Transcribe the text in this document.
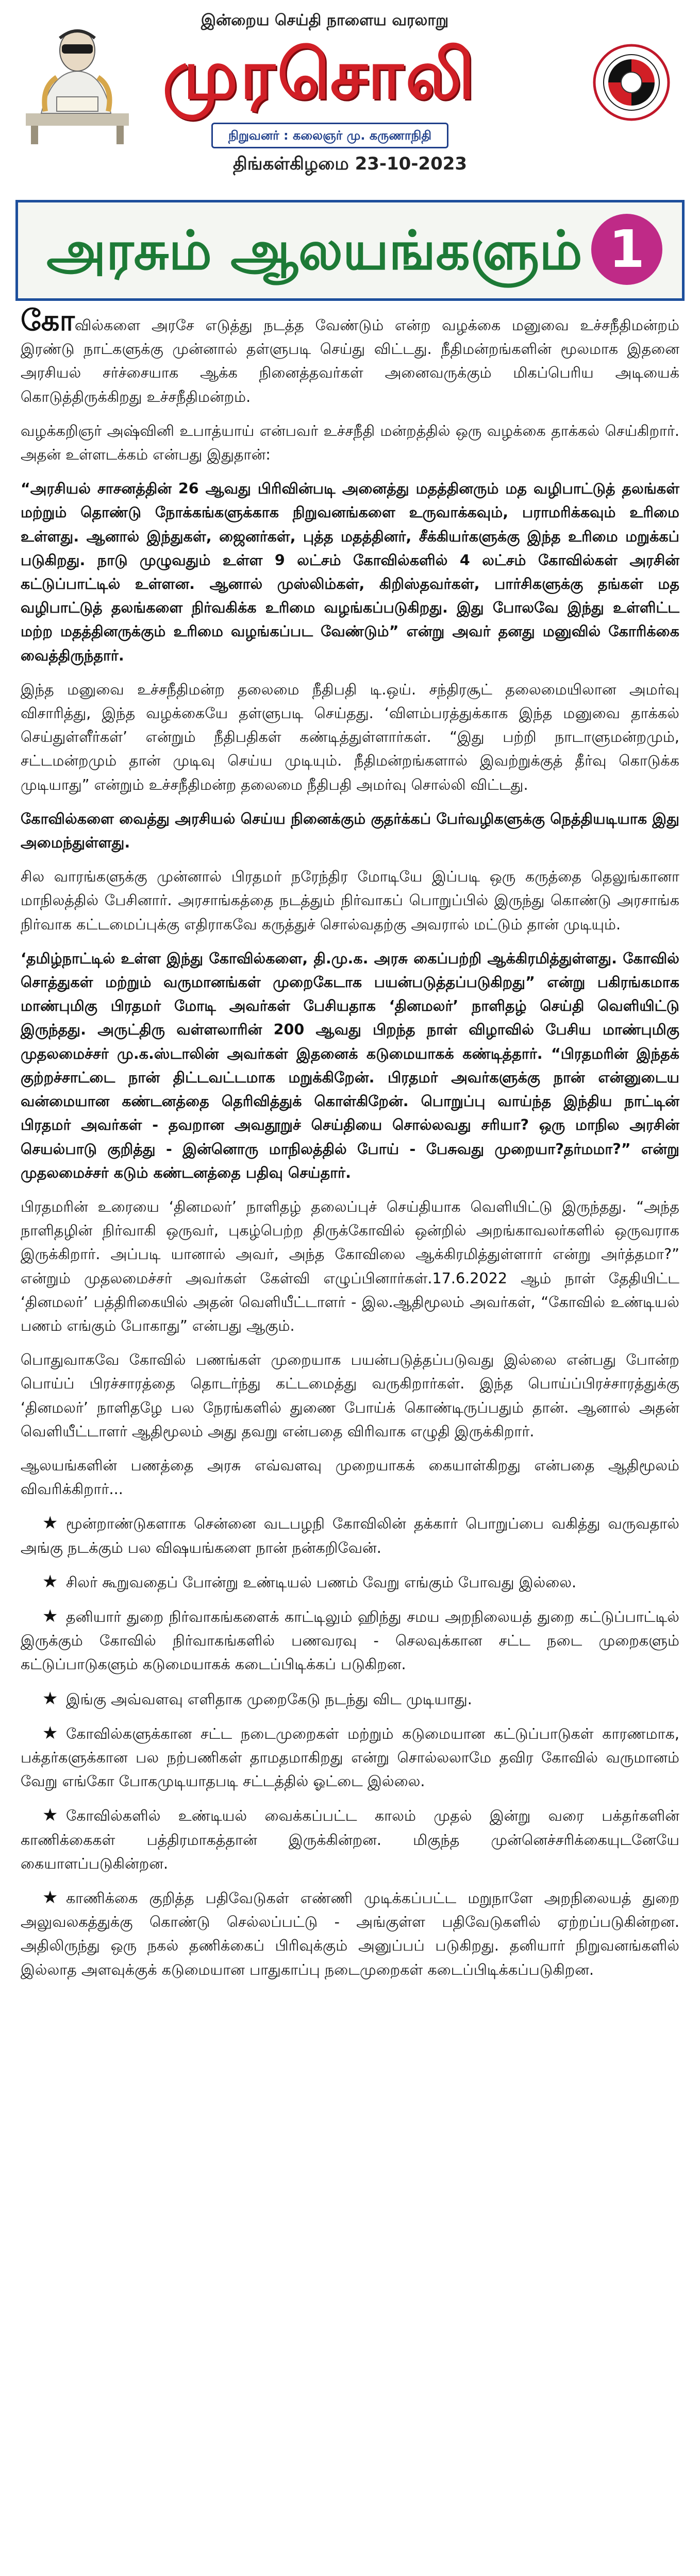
இன்றைய செய்தி நாளைய வரலாறு
முரசொலி
நிறுவனர் : கலைஞர் மு. கருணாநிதி
திங்கள்கிழமை 23-10-2023
அரசும் ஆலயங்களும் 1

கோவில்களை அரசே எடுத்து நடத்த வேண்டும் என்ற வழக்கை மனுவை உச்சநீதிமன்றம் இரண்டு நாட்களுக்கு முன்னால் தள்ளுபடி செய்து விட்டது. நீதிமன்றங்களின் மூலமாக இதனை அரசியல் சர்ச்சையாக ஆக்க நினைத்தவர்கள் அனைவருக்கும் மிகப்பெரிய அடியைக் கொடுத்திருக்கிறது உச்சநீதிமன்றம்.

வழக்கறிஞர் அஷ்வினி உபாத்யாய் என்பவர் உச்சநீதி மன்றத்தில் ஒரு வழக்கை தாக்கல் செய்கிறார். அதன் உள்ளடக்கம் என்பது இதுதான்:

“அரசியல் சாசனத்தின் 26 ஆவது பிரிவின்படி அனைத்து மதத்தினரும் மத வழிபாட்டுத் தலங்கள் மற்றும் தொண்டு நோக்கங்களுக்காக நிறுவனங்களை உருவாக்கவும், பராமரிக்கவும் உரிமை உள்ளது. ஆனால் இந்துகள், ஜைனர்கள், புத்த மதத்தினர், சீக்கியர்களுக்கு இந்த உரிமை மறுக்கப் படுகிறது. நாடு முழுவதும் உள்ள 9 லட்சம் கோவில்களில் 4 லட்சம் கோவில்கள் அரசின் கட்டுப்பாட்டில் உள்ளன. ஆனால் முஸ்லிம்கள், கிறிஸ்தவர்கள், பார்சிகளுக்கு தங்கள் மத வழிபாட்டுத் தலங்களை நிர்வகிக்க உரிமை வழங்கப்படுகிறது. இது போலவே இந்து உள்ளிட்ட மற்ற மதத்தினருக்கும் உரிமை வழங்கப்பட வேண்டும்” என்று அவர் தனது மனுவில் கோரிக்கை வைத்திருந்தார்.

இந்த மனுவை உச்சநீதிமன்ற தலைமை நீதிபதி டி.ஒய். சந்திரசூட் தலைமையிலான அமர்வு விசாரித்து, இந்த வழக்கையே தள்ளுபடி செய்தது. ‘விளம்பரத்துக்காக இந்த மனுவை தாக்கல் செய்துள்ளீர்கள்’ என்றும் நீதிபதிகள் கண்டித்துள்ளார்கள். “இது பற்றி நாடாளுமன்றமும், சட்டமன்றமும் தான் முடிவு செய்ய முடியும். நீதிமன்றங்களால் இவற்றுக்குத் தீர்வு கொடுக்க முடியாது” என்றும் உச்சநீதிமன்ற தலைமை நீதிபதி அமர்வு சொல்லி விட்டது.

கோவில்களை வைத்து அரசியல் செய்ய நினைக்கும் குதர்க்கப் பேர்வழிகளுக்கு நெத்தியடியாக இது அமைந்துள்ளது.

சில வாரங்களுக்கு முன்னால் பிரதமர் நரேந்திர மோடியே இப்படி ஒரு கருத்தை தெலுங்கானா மாநிலத்தில் பேசினார். அரசாங்கத்தை நடத்தும் நிர்வாகப் பொறுப்பில் இருந்து கொண்டு அரசாங்க நிர்வாக கட்டமைப்புக்கு எதிராகவே கருத்துச் சொல்வதற்கு அவரால் மட்டும் தான் முடியும்.

‘தமிழ்நாட்டில் உள்ள இந்து கோவில்களை, தி.மு.க. அரசு கைப்பற்றி ஆக்கிரமித்துள்ளது. கோவில் சொத்துகள் மற்றும் வருமானங்கள் முறைகேடாக பயன்படுத்தப்படுகிறது” என்று பகிரங்கமாக மாண்புமிகு பிரதமர் மோடி அவர்கள் பேசியதாக ‘தினமலர்’ நாளிதழ் செய்தி வெளியிட்டு இருந்தது. அருட்திரு வள்ளலாரின் 200 ஆவது பிறந்த நாள் விழாவில் பேசிய மாண்புமிகு முதலமைச்சர் மு.க.ஸ்டாலின் அவர்கள் இதனைக் கடுமையாகக் கண்டித்தார். “பிரதமரின் இந்தக் குற்றச்சாட்டை நான் திட்டவட்டமாக மறுக்கிறேன். பிரதமர் அவர்களுக்கு நான் என்னுடைய வன்மையான கண்டனத்தை தெரிவித்துக் கொள்கிறேன். பொறுப்பு வாய்ந்த இந்திய நாட்டின் பிரதமர் அவர்கள் - தவறான அவதூறுச் செய்தியை சொல்லவது சரியா? ஒரு மாநில அரசின் செயல்பாடு குறித்து - இன்னொரு மாநிலத்தில் போய் - பேசுவது முறையா?தர்மமா?” என்று முதலமைச்சர் கடும் கண்டனத்தை பதிவு செய்தார்.

பிரதமரின் உரையை ‘தினமலர்’ நாளிதழ் தலைப்புச் செய்தியாக வெளியிட்டு இருந்தது. “அந்த நாளிதழின் நிர்வாகி ஒருவர், புகழ்பெற்ற திருக்கோவில் ஒன்றில் அறங்காவலர்களில் ஒருவராக இருக்கிறார். அப்படி யானால் அவர், அந்த கோவிலை ஆக்கிரமித்துள்ளார் என்று அர்த்தமா?” என்றும் முதலமைச்சர் அவர்கள் கேள்வி எழுப்பினார்கள்.17.6.2022 ஆம் நாள் தேதியிட்ட ‘தினமலர்’ பத்திரிகையில் அதன் வெளியீட்டாளர் - இல.ஆதிமூலம் அவர்கள், “கோவில் உண்டியல் பணம் எங்கும் போகாது” என்பது ஆகும்.

பொதுவாகவே கோவில் பணங்கள் முறையாக பயன்படுத்தப்படுவது இல்லை என்பது போன்ற பொய்ப் பிரச்சாரத்தை தொடர்ந்து கட்டமைத்து வருகிறார்கள். இந்த பொய்ப்பிரச்சாரத்துக்கு ‘தினமலர்’ நாளிதழே பல நேரங்களில் துணை போய்க் கொண்டிருப்பதும் தான். ஆனால் அதன் வெளியீட்டாளர் ஆதிமூலம் அது தவறு என்பதை விரிவாக எழுதி இருக்கிறார்.

ஆலயங்களின் பணத்தை அரசு எவ்வளவு முறையாகக் கையாள்கிறது என்பதை ஆதிமூலம் விவரிக்கிறார்...

★ மூன்றாண்டுகளாக சென்னை வடபழநி கோவிலின் தக்கார் பொறுப்பை வகித்து வருவதால் அங்கு நடக்கும் பல விஷயங்களை நான் நன்கறிவேன்.

★ சிலர் கூறுவதைப் போன்று உண்டியல் பணம் வேறு எங்கும் போவது இல்லை.

★ தனியார் துறை நிர்வாகங்களைக் காட்டிலும் ஹிந்து சமய அறநிலையத் துறை கட்டுப்பாட்டில் இருக்கும் கோவில் நிர்வாகங்களில் பணவரவு - செலவுக்கான சட்ட நடை முறைகளும் கட்டுப்பாடுகளும் கடுமையாகக் கடைப்பிடிக்கப் படுகிறன.

★ இங்கு அவ்வளவு எளிதாக முறைகேடு நடந்து விட முடியாது.

★ கோவில்களுக்கான சட்ட நடைமுறைகள் மற்றும் கடுமையான கட்டுப்பாடுகள் காரணமாக, பக்தர்களுக்கான பல நற்பணிகள் தாமதமாகிறது என்று சொல்லலாமே தவிர கோவில் வருமானம் வேறு எங்கோ போகமுடியாதபடி சட்டத்தில் ஓட்டை இல்லை.

★ கோவில்களில் உண்டியல் வைக்கப்பட்ட காலம் முதல் இன்று வரை பக்தர்களின் காணிக்கைகள் பத்திரமாகத்தான் இருக்கின்றன. மிகுந்த முன்னெச்சரிக்கையுடனேயே கையாளப்படுகின்றன.

★ காணிக்கை குறித்த பதிவேடுகள் எண்ணி முடிக்கப்பட்ட மறுநாளே அறநிலையத் துறை அலுவலகத்துக்கு கொண்டு செல்லப்பட்டு - அங்குள்ள பதிவேடுகளில் ஏற்றப்படுகின்றன. அதிலிருந்து ஒரு நகல் தணிக்கைப் பிரிவுக்கும் அனுப்பப் படுகிறது. தனியார் நிறுவனங்களில் இல்லாத அளவுக்குக் கடுமையான பாதுகாப்பு நடைமுறைகள் கடைப்பிடிக்கப்படுகிறன.
